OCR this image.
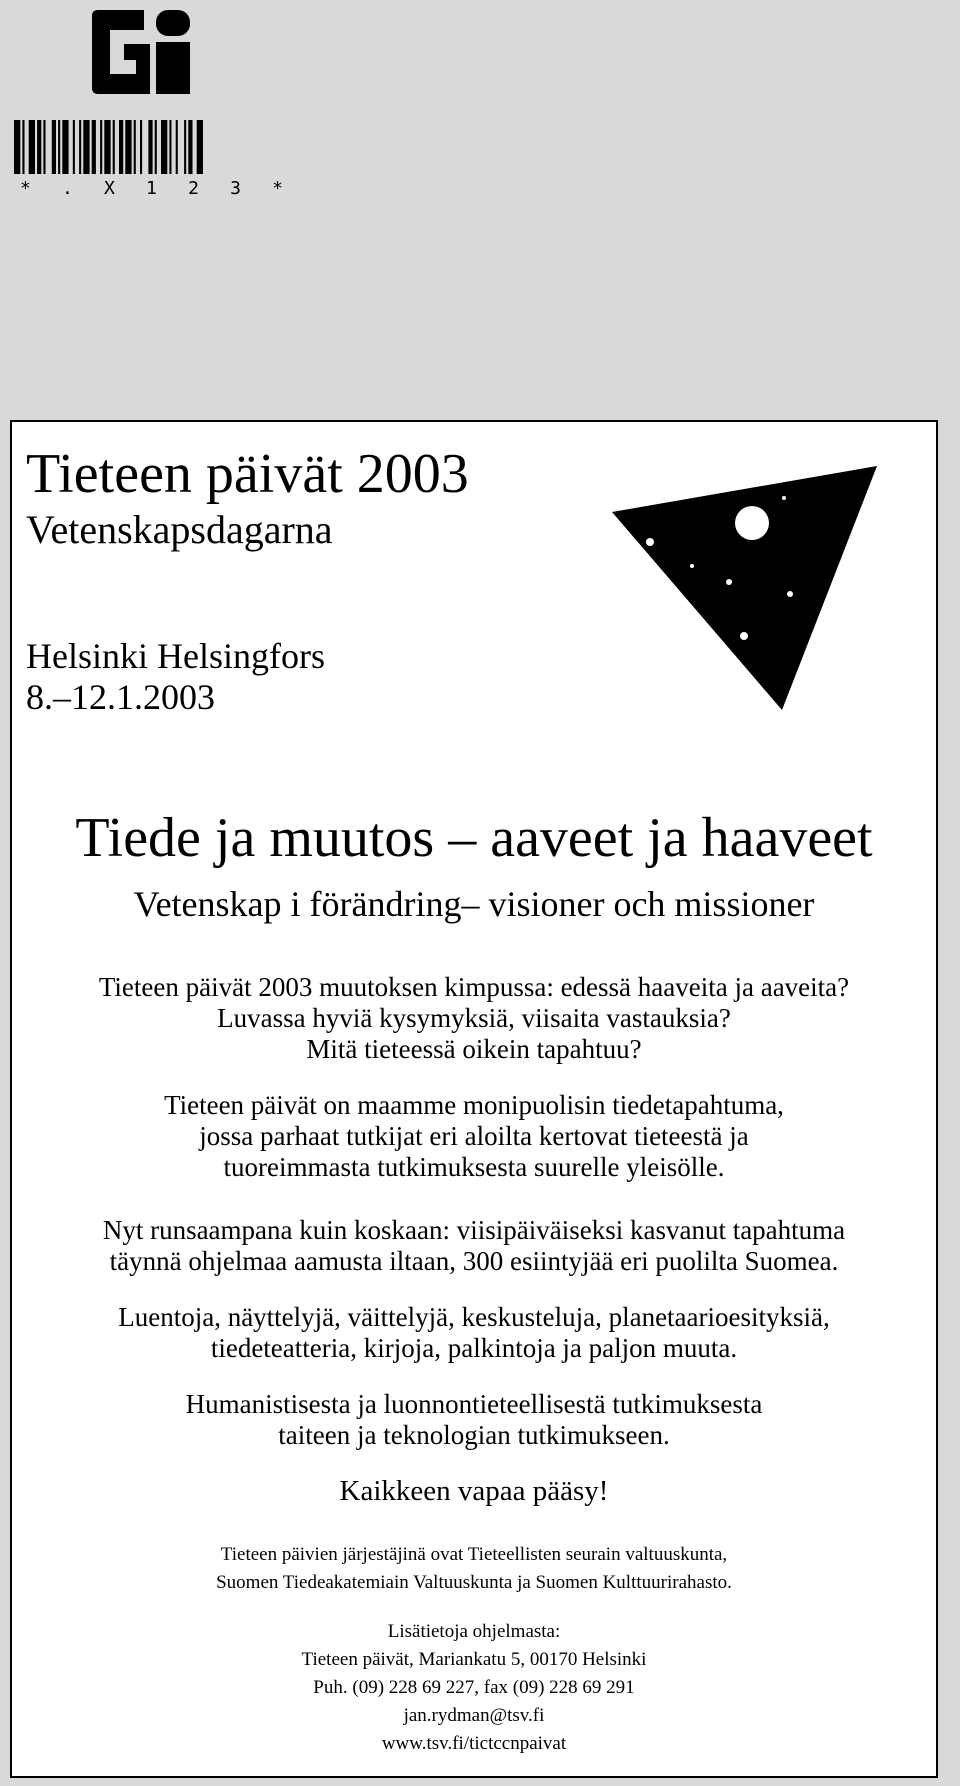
* . X 1 2 3 *
Tieteen päivät 2003
Vetenskapsdagarna
Helsinki Helsingfors
8.–12.1.2003
Tiede ja muutos – aaveet ja haaveet
Vetenskap i förändring– visioner och missioner
Tieteen päivät 2003 muutoksen kimpussa: edessä haaveita ja aaveita?
Luvassa hyviä kysymyksiä, viisaita vastauksia?
Mitä tieteessä oikein tapahtuu?
Tieteen päivät on maamme monipuolisin tiedetapahtuma,
jossa parhaat tutkijat eri aloilta kertovat tieteestä ja
tuoreimmasta tutkimuksesta suurelle yleisölle.
Nyt runsaampana kuin koskaan: viisipäiväiseksi kasvanut tapahtuma
täynnä ohjelmaa aamusta iltaan, 300 esiintyjää eri puolilta Suomea.
Luentoja, näyttelyjä, väittelyjä, keskusteluja, planetaarioesityksiä,
tiedeteatteria, kirjoja, palkintoja ja paljon muuta.
Humanistisesta ja luonnontieteellisestä tutkimuksesta
taiteen ja teknologian tutkimukseen.
Kaikkeen vapaa pääsy!
Tieteen päivien järjestäjinä ovat Tieteellisten seurain valtuuskunta,
Suomen Tiedeakatemiain Valtuuskunta ja Suomen Kulttuurirahasto.
Lisätietoja ohjelmasta:
Tieteen päivät, Mariankatu 5, 00170 Helsinki
Puh. (09) 228 69 227, fax (09) 228 69 291
jan.rydman@tsv.fi
www.tsv.fi/tictccnpaivat
